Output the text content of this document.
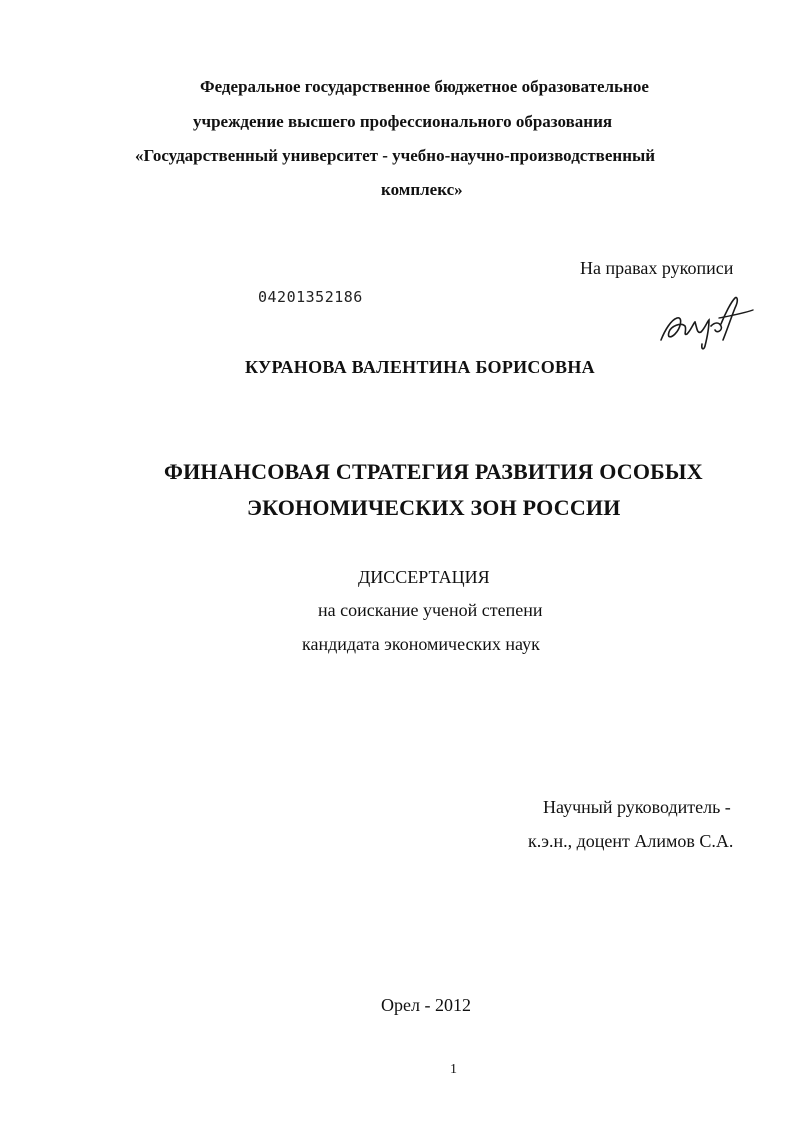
Федеральное государственное бюджетное образовательное
учреждение высшего профессионального образования
«Государственный университет - учебно-научно-производственный
комплекс»
На правах рукописи
04201352186
КУРАНОВА ВАЛЕНТИНА БОРИСОВНА
ФИНАНСОВАЯ СТРАТЕГИЯ РАЗВИТИЯ ОСОБЫХ
ЭКОНОМИЧЕСКИХ ЗОН РОССИИ
ДИССЕРТАЦИЯ
на соискание ученой степени
кандидата экономических наук
Научный руководитель -
к.э.н., доцент Алимов С.А.
Орел - 2012
1
